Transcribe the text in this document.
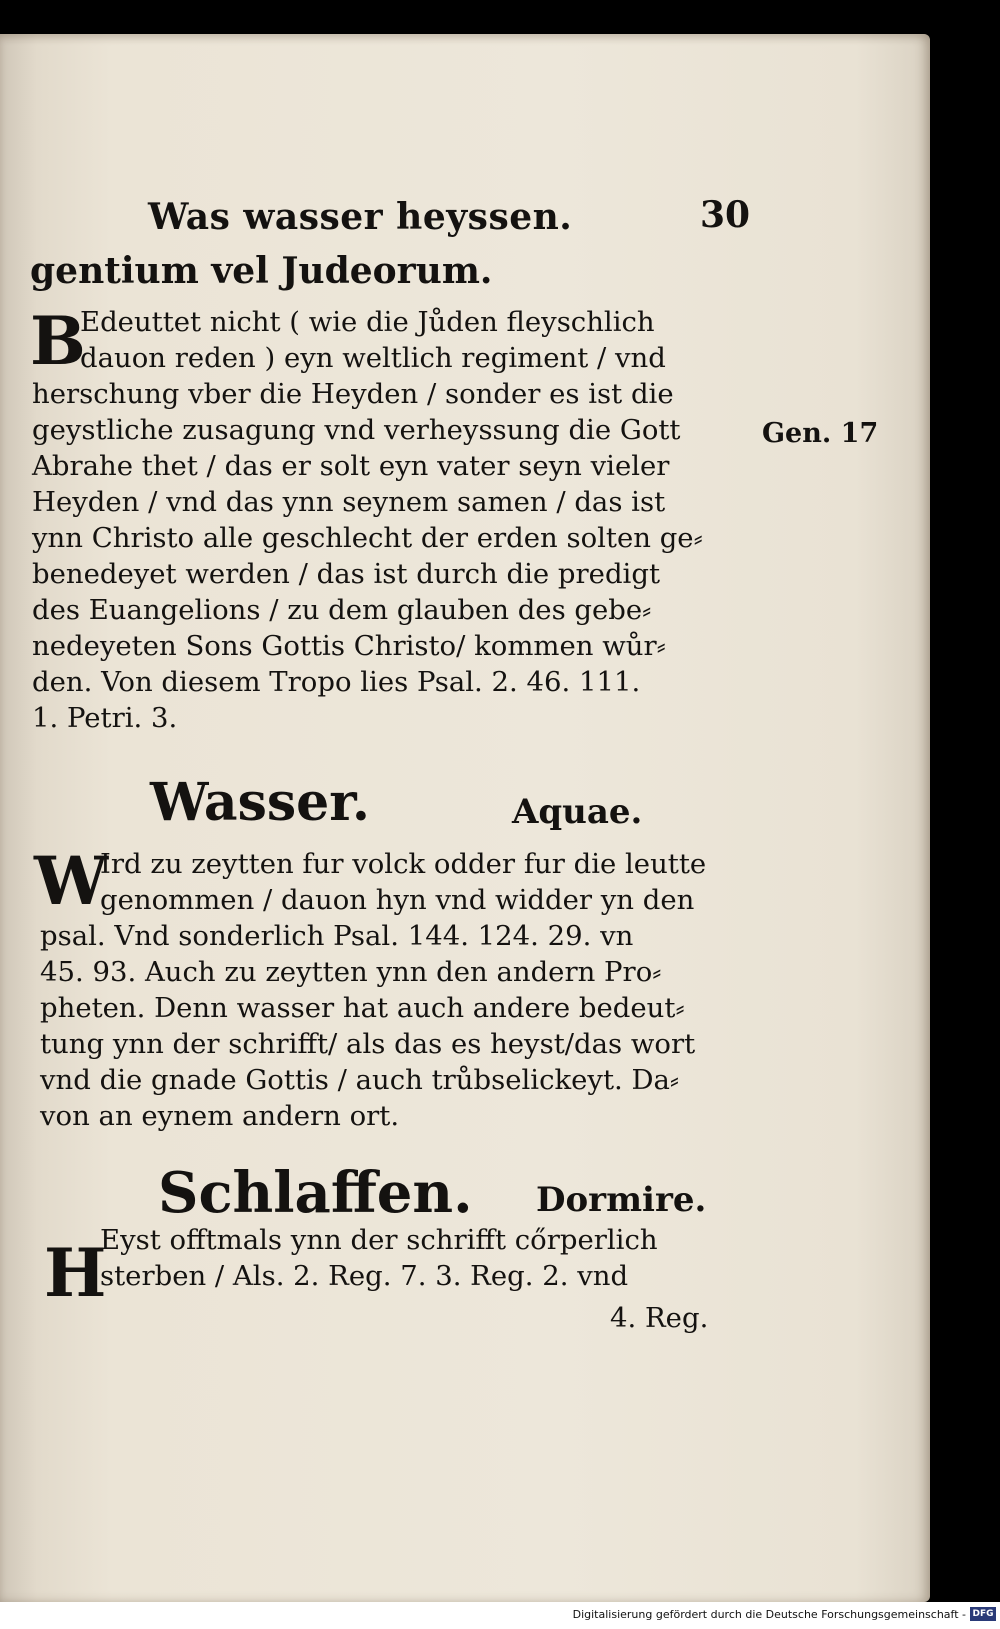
Was wasser heyssen.	30
gentium vel Judeorum.
B
Edeuttet nicht ( wie die Jůden fleyschlich
dauon reden ) eyn weltlich regiment / vnd
herschung vber die Heyden / sonder es ist die
geystliche zusagung vnd verheyssung die Gott
Abrahe thet / das er solt eyn vater seyn vieler
Heyden / vnd das ynn seynem samen / das ist
ynn Christo alle geschlecht der erden solten ge⸗
benedeyet werden / das ist durch die predigt
des Euangelions / zu dem glauben des gebe⸗
nedeyeten Sons Gottis Christo/ kommen wůr⸗
den. Von diesem Tropo lies Psal. 2. 46. 111.
1. Petri. 3.
Gen. 17
Wasser.	Aquae.
W
Ird zu zeytten fur volck odder fur die leutte
genommen / dauon hyn vnd widder yn den
psal. Vnd sonderlich Psal. 144. 124. 29. vn
45. 93. Auch zu zeytten ynn den andern Pro⸗
pheten. Denn wasser hat auch andere bedeut⸗
tung ynn der schrifft/ als das es heyst/das wort
vnd die gnade Gottis / auch trůbselickeyt. Da⸗
von an eynem andern ort.
Schlaffen. Dormire.
H
Eyst offtmals ynn der schrifft cőrperlich
sterben / Als. 2. Reg. 7. 3. Reg. 2. vnd
4. Reg.
Digitalisierung gefördert durch die Deutsche Forschungsgemeinschaft - DFG
